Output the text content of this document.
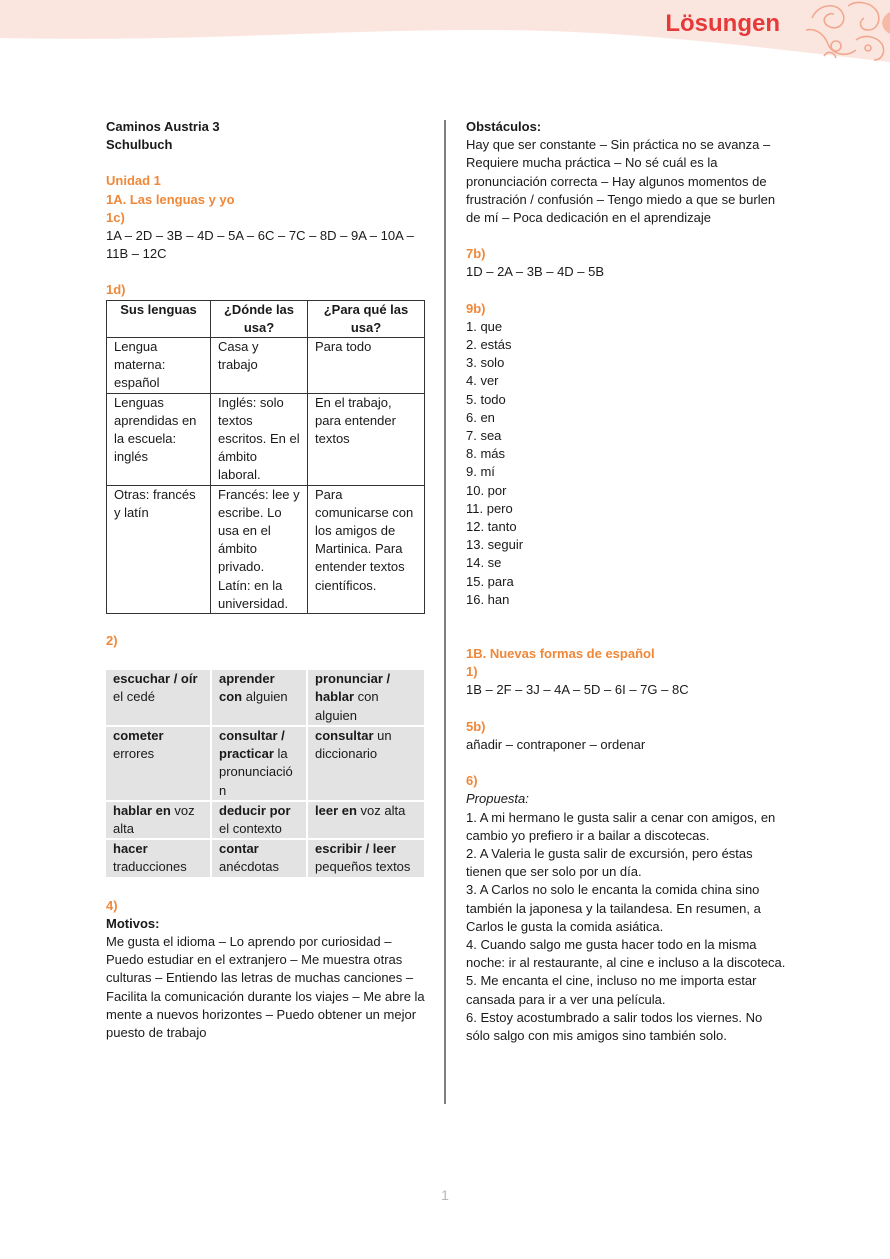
Lösungen

Caminos Austria 3

Schulbuch

Unidad 1

1A. Las lenguas y yo

1c)

1A – 2D – 3B – 4D – 5A – 6C – 7C – 8D – 9A – 10A – 11B – 12C

1d)

Sus lenguas	¿Dónde las usa?	¿Para qué las usa?
Lengua materna: español	Casa y trabajo	Para todo
Lenguas aprendidas en la escuela: inglés	Inglés: solo textos escritos. En el ámbito laboral.	En el trabajo, para entender textos
Otras: francés y latín	Francés: lee y escribe. Lo usa en el ámbito privado. Latín: en la universidad.	Para comunicarse con los amigos de Martinica. Para entender textos científicos.

2)

escuchar / oír el cedé	aprender con alguien	pronunciar / hablar con alguien
cometer errores	consultar / practicar la pronunciació n	consultar un diccionario
hablar en voz alta	deducir por el contexto	leer en voz alta
hacer traducciones	contar anécdotas	escribir / leer pequeños textos

4)

Motivos:

Me gusta el idioma – Lo aprendo por curiosidad – Puedo estudiar en el extranjero – Me muestra otras culturas – Entiendo las letras de muchas canciones – Facilita la comunicación durante los viajes – Me abre la mente a nuevos horizontes – Puedo obtener un mejor puesto de trabajo

Obstáculos:

Hay que ser constante – Sin práctica no se avanza – Requiere mucha práctica – No sé cuál es la pronunciación correcta – Hay algunos momentos de frustración / confusión – Tengo miedo a que se burlen de mí – Poca dedicación en el aprendizaje

7b)

1D – 2A – 3B – 4D – 5B

9b)

1. que

2. estás

3. solo

4. ver

5. todo

6. en

7. sea

8. más

9. mí

10. por

11. pero

12. tanto

13. seguir

14. se

15. para

16. han

1B. Nuevas formas de español

1)

1B – 2F – 3J – 4A – 5D – 6I – 7G – 8C

5b)

añadir – contraponer – ordenar

6)

Propuesta:

1. A mi hermano le gusta salir a cenar con amigos, en cambio yo prefiero ir a bailar a discotecas.

2. A Valeria le gusta salir de excursión, pero éstas tienen que ser solo por un día.

3. A Carlos no solo le encanta la comida china sino también la japonesa y la tailandesa. En resumen, a Carlos le gusta la comida asiática.

4. Cuando salgo me gusta hacer todo en la misma noche: ir al restaurante, al cine e incluso a la discoteca.

5. Me encanta el cine, incluso no me importa estar cansada para ir a ver una película.

6. Estoy acostumbrado a salir todos los viernes. No sólo salgo con mis amigos sino también solo.

1
